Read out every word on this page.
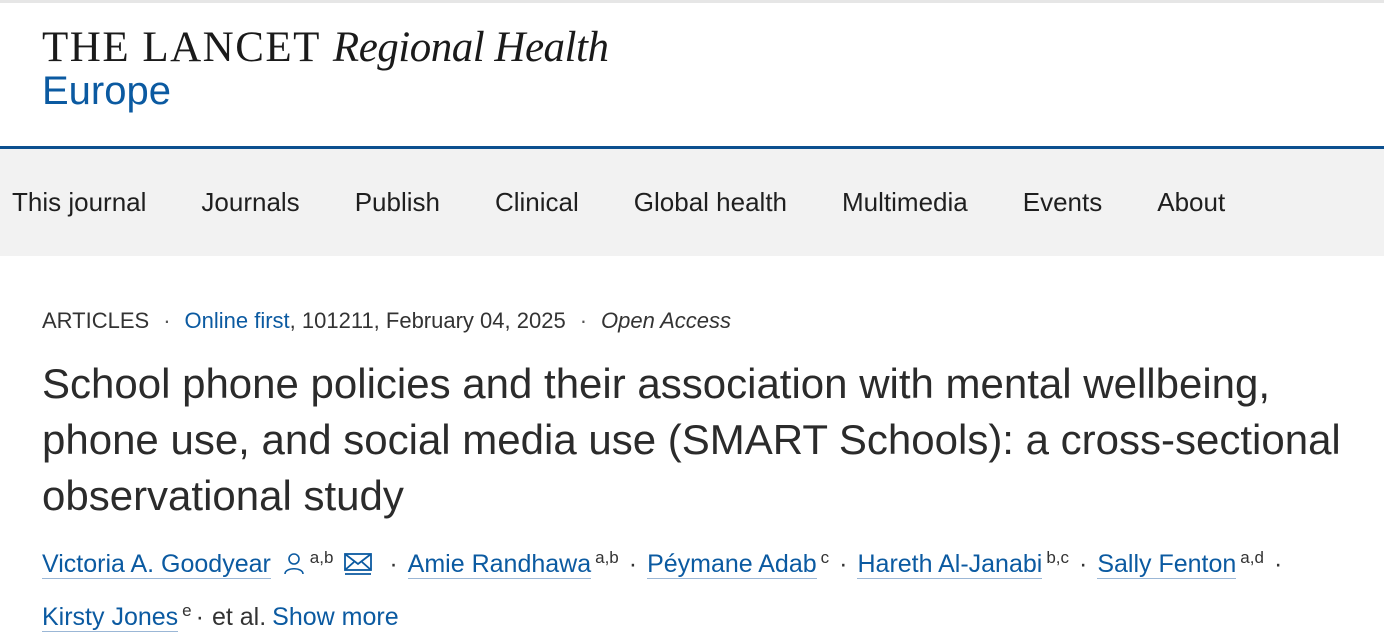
THE LANCET Regional Health
Europe
This journal Journals Publish Clinical Global health Multimedia Events About
ARTICLES · Online first, 101211, February 04, 2025 · Open Access
School phone policies and their association with mental wellbeing, phone use, and social media use (SMART Schools): a cross-sectional observational study
Victoria A. Goodyear $^{a,b}$ · Amie Randhawa $^{a,b}$ · Péymane Adab $^c$ · Hareth Al-Janabi $^{b,c}$ · Sally Fenton $^{a,d}$ ·
Kirsty Jones $^e$ · et al. Show more
